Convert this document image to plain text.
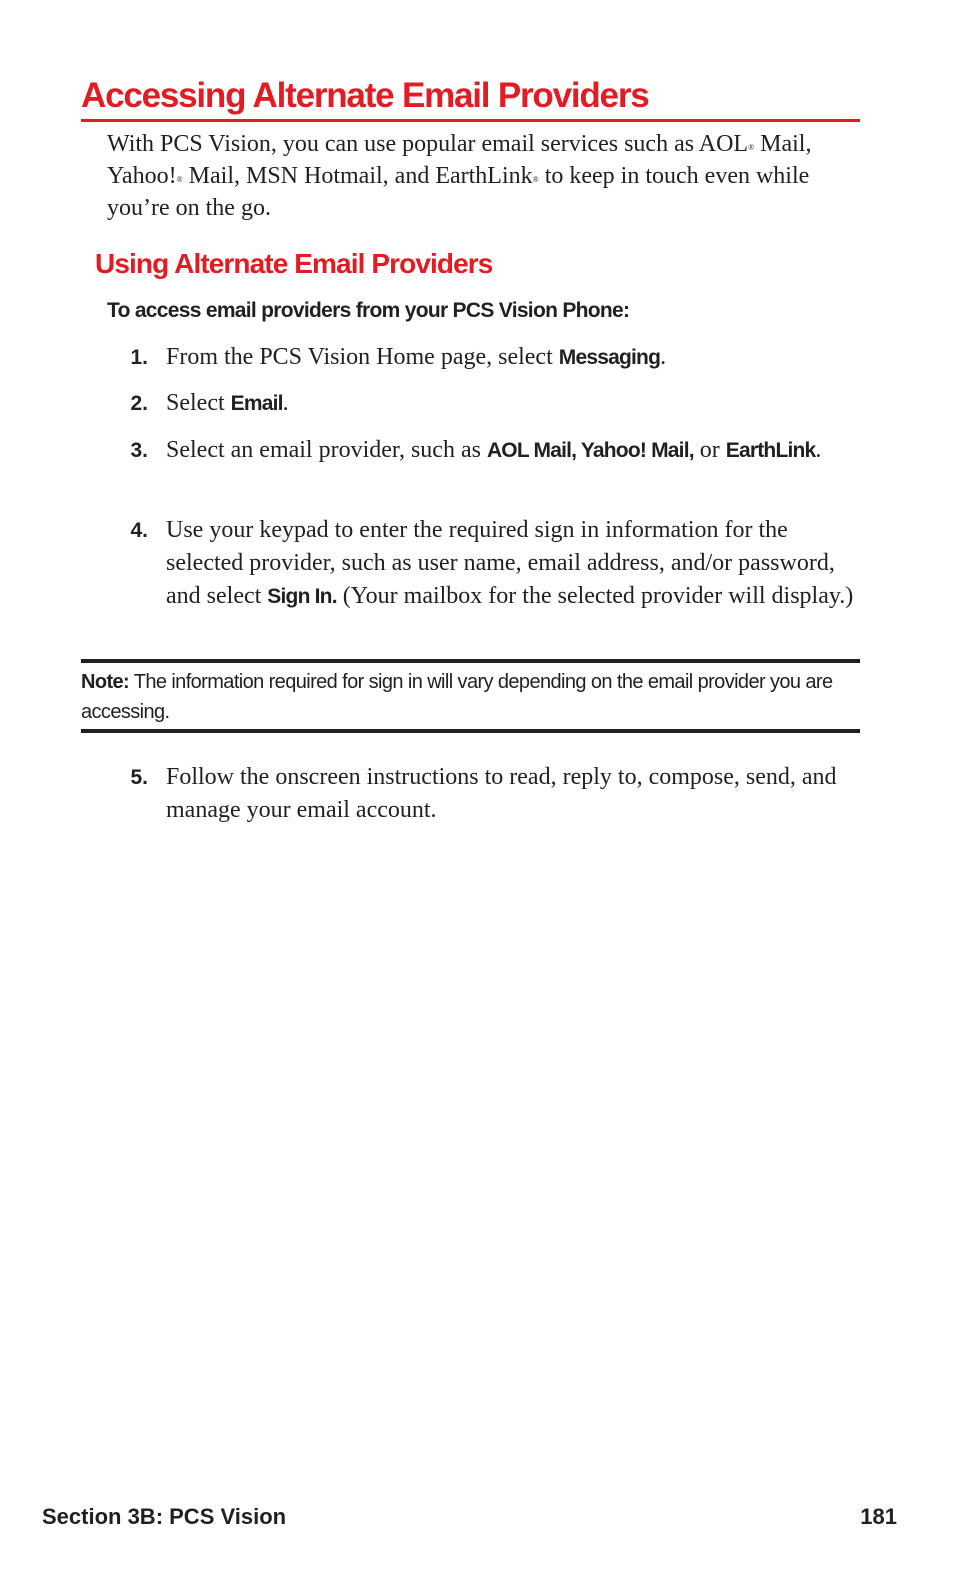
Accessing Alternate Email Providers

With PCS Vision, you can use popular email services such as AOL® Mail, Yahoo!® Mail, MSN Hotmail, and EarthLink® to keep in touch even while you’re on the go.

Using Alternate Email Providers

To access email providers from your PCS Vision Phone:

1. From the PCS Vision Home page, select Messaging.
2. Select Email.
3. Select an email provider, such as AOL Mail, Yahoo! Mail, or EarthLink.
4. Use your keypad to enter the required sign in information for the selected provider, such as user name, email address, and/or password, and select Sign In. (Your mailbox for the selected provider will display.)

Note: The information required for sign in will vary depending on the email provider you are accessing.

5. Follow the onscreen instructions to read, reply to, compose, send, and manage your email account.
Section 3B: PCS Vision	181
